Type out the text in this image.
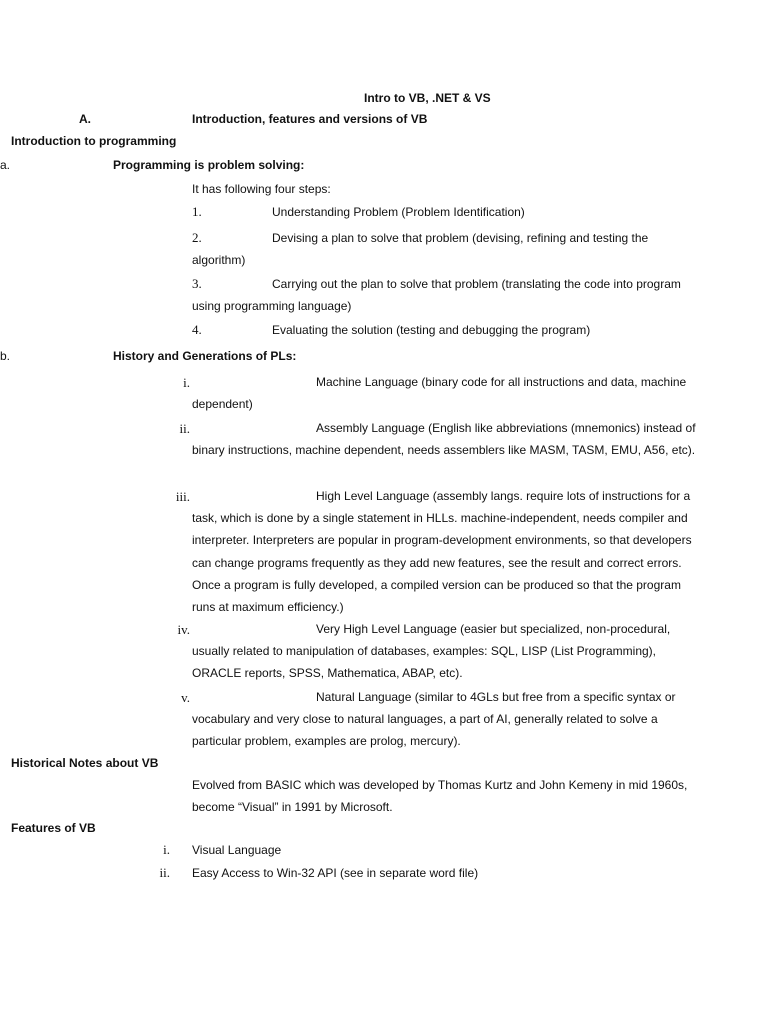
Intro to VB, .NET & VS
A.	Introduction, features and versions of VB
Introduction to programming
a.	Programming is problem solving:
It has following four steps:
1.	Understanding Problem (Problem Identification)
2.	Devising a plan to solve that problem (devising, refining and testing the algorithm)
3.	Carrying out the plan to solve that problem (translating the code into program using programming language)
4.	Evaluating the solution (testing and debugging the program)
b.	History and Generations of PLs:
i.	Machine Language (binary code for all instructions and data, machine dependent)
ii.	Assembly Language (English like abbreviations (mnemonics) instead of binary instructions, machine dependent, needs assemblers like MASM, TASM, EMU, A56, etc).
iii.	High Level Language (assembly langs. require lots of instructions for a task, which is done by a single statement in HLLs. machine-independent, needs compiler and interpreter. Interpreters are popular in program-development environments, so that developers can change programs frequently as they add new features, see the result and correct errors. Once a program is fully developed, a compiled version can be produced so that the program runs at maximum efficiency.)
iv.	Very High Level Language (easier but specialized, non-procedural, usually related to manipulation of databases, examples: SQL, LISP (List Programming), ORACLE reports, SPSS, Mathematica, ABAP, etc).
v.	Natural Language (similar to 4GLs but free from a specific syntax or vocabulary and very close to natural languages, a part of AI, generally related to solve a particular problem, examples are prolog, mercury).
Historical Notes about VB
Evolved from BASIC which was developed by Thomas Kurtz and John Kemeny in mid 1960s, become “Visual” in 1991 by Microsoft.
Features of VB
i. Visual Language
ii. Easy Access to Win-32 API (see in separate word file)
